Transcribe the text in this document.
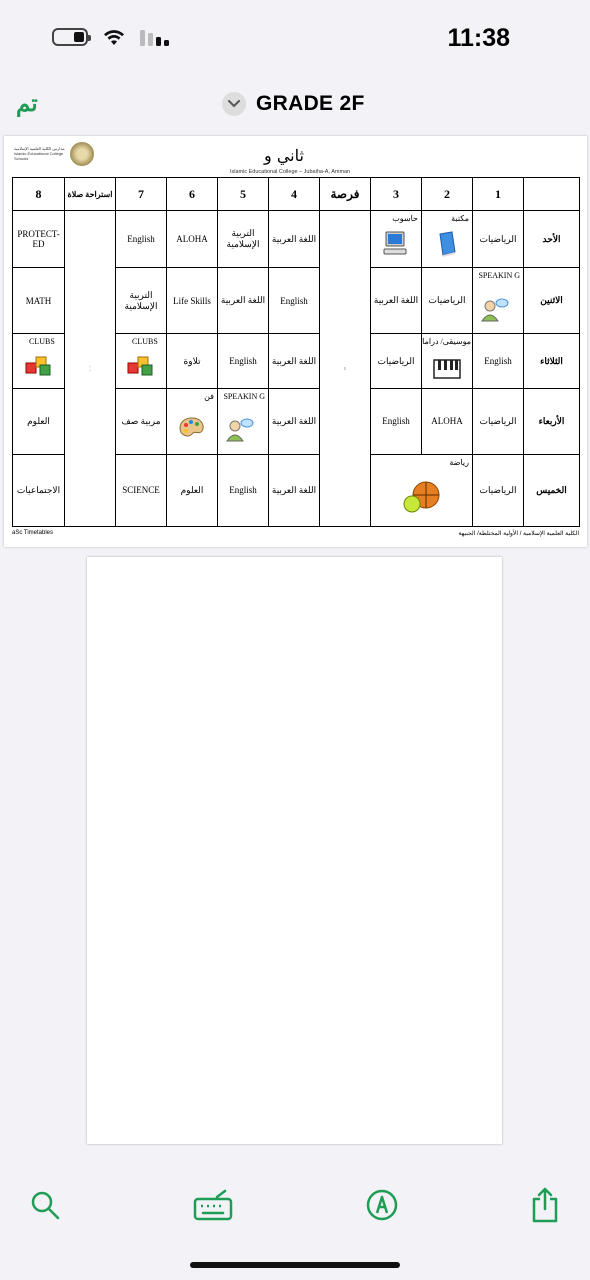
11:38
تم	GRADE 2F
مدارس الكلية العلمية الإسلامية Islamic Educational College Schools	ثاني و
Islamic Educational College – Jubaiha-A, Amman
8	استراحة صلاة	7	6	5	4	فرصة	3	2	1	
PROTECT-ED	¦	English	ALOHA	التربية الإسلامية	اللغة العربية	ı	حاسوب	مكتبة	الرياضيات	الأحد
MATH		التربية الإسلامية	Life Skills	اللغة العربية	English		اللغة العربية	الرياضيات	SPEAKIN G	الاثنين

CLUBS		CLUBS	تلاوة	English	اللغة العربية		الرياضيات	موسيقى/ دراما	English	الثلاثاء
العلوم		مربية صف	فن	SPEAKIN G	اللغة العربية		English	ALOHA	الرياضيات	الأربعاء
الاجتماعيات		SCIENCE	العلوم	English	اللغة العربية		رياضة		الرياضيات	الخميس
aSc Timetables	الكلية العلمية الإسلامية / الأولية المختلطة/ الجبيهة
